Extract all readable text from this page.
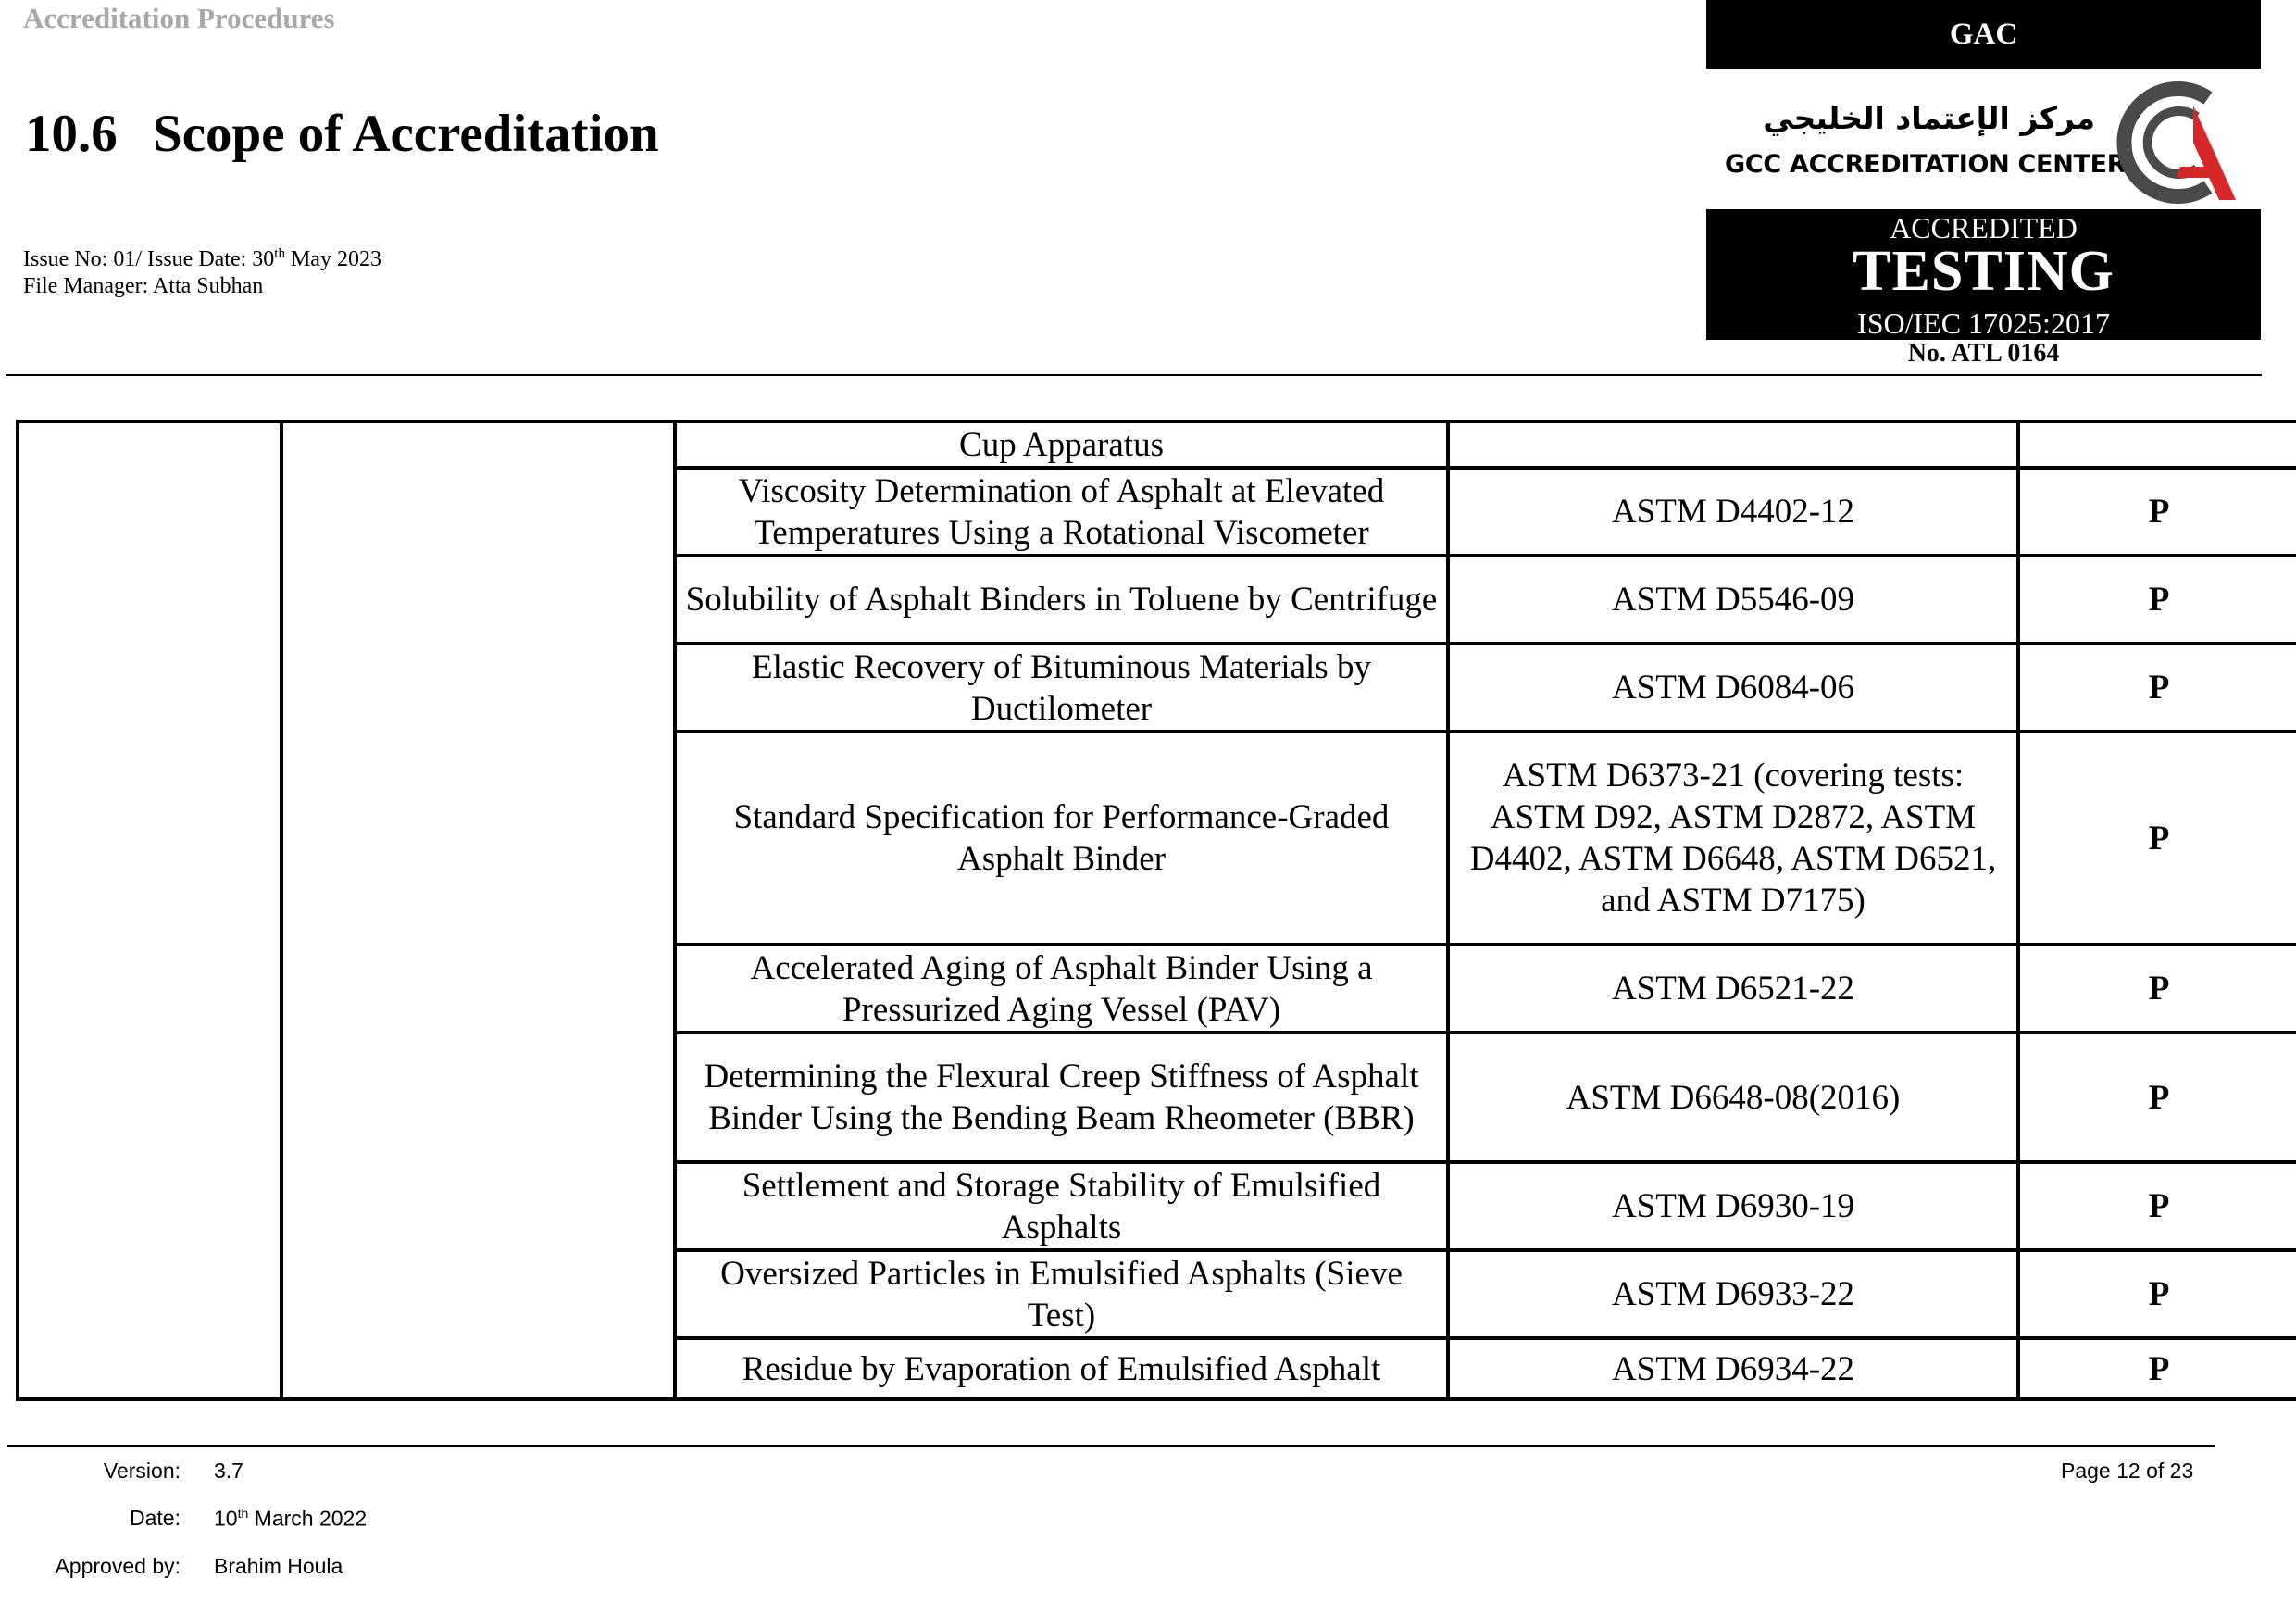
Accreditation Procedures
10.6 Scope of Accreditation
Issue No: 01/ Issue Date: 30th May 2023
File Manager: Atta Subhan
GAC
مركز الإعتماد الخليجي
GCC ACCREDITATION CENTER
ACCREDITED
TESTING
ISO/IEC 17025:2017
No. ATL 0164
		Cup Apparatus		
		Viscosity Determination of Asphalt at Elevated Temperatures Using a Rotational Viscometer	ASTM D4402-12	P
		Solubility of Asphalt Binders in Toluene by Centrifuge	ASTM D5546-09	P
		Elastic Recovery of Bituminous Materials by Ductilometer	ASTM D6084-06	P
		Standard Specification for Performance-Graded Asphalt Binder	ASTM D6373-21 (covering tests: ASTM D92, ASTM D2872, ASTM D4402, ASTM D6648, ASTM D6521, and ASTM D7175)	P
		Accelerated Aging of Asphalt Binder Using a Pressurized Aging Vessel (PAV)	ASTM D6521-22	P
		Determining the Flexural Creep Stiffness of Asphalt Binder Using the Bending Beam Rheometer (BBR)	ASTM D6648-08(2016)	P
		Settlement and Storage Stability of Emulsified Asphalts	ASTM D6930-19	P
		Oversized Particles in Emulsified Asphalts (Sieve Test)	ASTM D6933-22	P
		Residue by Evaporation of Emulsified Asphalt	ASTM D6934-22	P
Version: 3.7
Date: 10th March 2022
Approved by: Brahim Houla
Page 12 of 23
